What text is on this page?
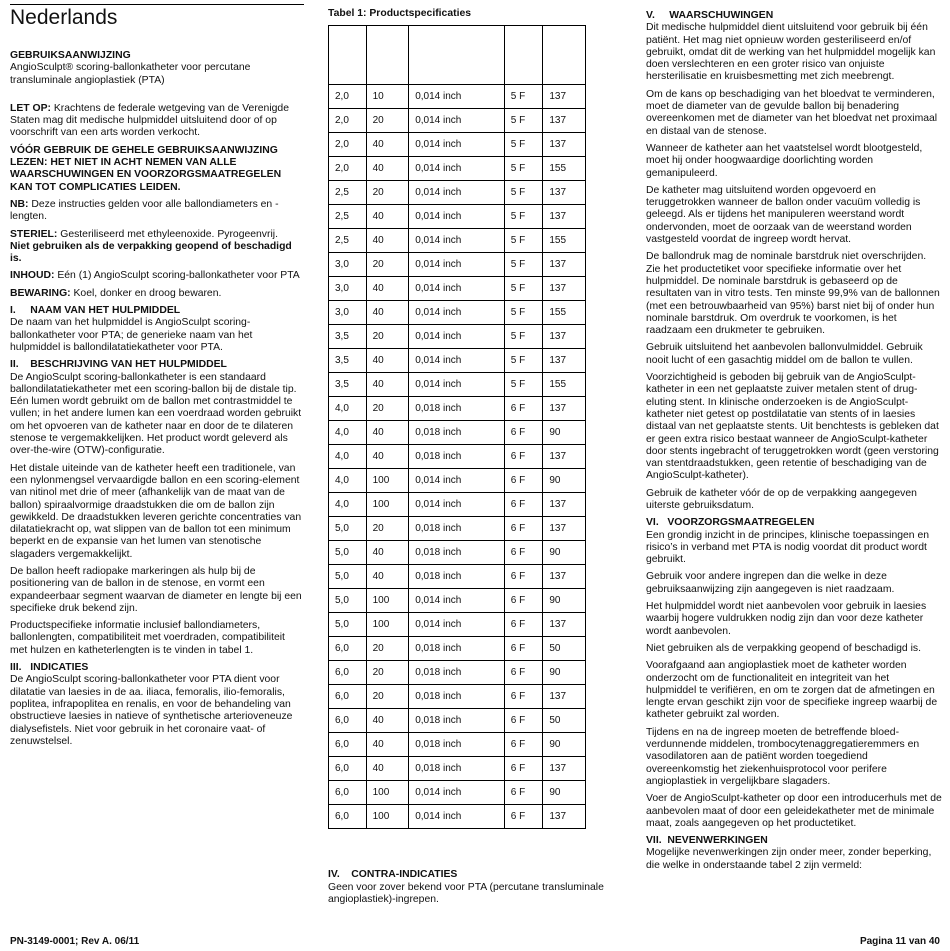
Nederlands
GEBRUIKSAANWIJZING

AngioSculpt® scoring-ballonkatheter voor percutane transluminale angioplastiek (PTA)

LET OP: Krachtens de federale wetgeving van de Verenigde Staten mag dit medische hulpmiddel uitsluitend door of op voorschrift van een arts worden verkocht.

VÓÓR GEBRUIK DE GEHELE GEBRUIKSAANWIJZING LEZEN: HET NIET IN ACHT NEMEN VAN ALLE WAARSCHUWINGEN EN VOORZORGSMAATREGELEN KAN TOT COMPLICATIES LEIDEN.

NB: Deze instructies gelden voor alle ballondiameters en -lengten.

STERIEL: Gesteriliseerd met ethyleenoxide. Pyrogeenvrij.
Niet gebruiken als de verpakking geopend of beschadigd is.

INHOUD: Eén (1) AngioSculpt scoring-ballonkatheter voor PTA

BEWARING: Koel, donker en droog bewaren.

I.     NAAM VAN HET HULPMIDDEL

De naam van het hulpmiddel is AngioSculpt scoring-ballonkatheter voor PTA; de generieke naam van het hulpmiddel is ballondilatatiekatheter voor PTA.

II.    BESCHRIJVING VAN HET HULPMIDDEL

De AngioSculpt scoring-ballonkatheter is een standaard ballondilatatiekatheter met een scoring-ballon bij de distale tip. Eén lumen wordt gebruikt om de ballon met contrastmiddel te vullen; in het andere lumen kan een voerdraad worden gebruikt om het opvoeren van de katheter naar en door de te dilateren stenose te vergemakkelijken. Het product wordt geleverd als over-the-wire (OTW)-configuratie.

Het distale uiteinde van de katheter heeft een traditionele, van een nylonmengsel vervaardigde ballon en een scoring-element van nitinol met drie of meer (afhankelijk van de maat van de ballon) spiraalvormige draadstukken die om de ballon zijn gewikkeld. De draadstukken leveren gerichte concentraties van dilatatiekracht op, wat slippen van de ballon tot een minimum beperkt en de expansie van het lumen van stenotische slagaders vergemakkelijkt.

De ballon heeft radiopake markeringen als hulp bij de positionering van de ballon in de stenose, en vormt een expandeerbaar segment waarvan de diameter en lengte bij een specifieke druk bekend zijn.

Productspecifieke informatie inclusief ballondiameters, ballonlengten, compatibiliteit met voerdraden, compatibiliteit met hulzen en katheterlengten is te vinden in tabel 1.

III.   INDICATIES

De AngioSculpt scoring-ballonkatheter voor PTA dient voor dilatatie van laesies in de aa. iliaca, femoralis, ilio-femoralis, poplitea, infrapoplitea en renalis, en voor de behandeling van obstructieve laesies in natieve of synthetische arterioveneuze dialysefistels. Niet voor gebruik in het coronaire vaat- of zenuwstelsel.

Tabel 1: Productspecificaties

2,0	10	0,014 inch	5 F	137
2,0	20	0,014 inch	5 F	137
2,0	40	0,014 inch	5 F	137
2,0	40	0,014 inch	5 F	155
2,5	20	0,014 inch	5 F	137
2,5	40	0,014 inch	5 F	137
2,5	40	0,014 inch	5 F	155
3,0	20	0,014 inch	5 F	137
3,0	40	0,014 inch	5 F	137
3,0	40	0,014 inch	5 F	155
3,5	20	0,014 inch	5 F	137
3,5	40	0,014 inch	5 F	137
3,5	40	0,014 inch	5 F	155
4,0	20	0,018 inch	6 F	137
4,0	40	0,018 inch	6 F	90
4,0	40	0,018 inch	6 F	137
4,0	100	0,014 inch	6 F	90
4,0	100	0,014 inch	6 F	137
5,0	20	0,018 inch	6 F	137
5,0	40	0,018 inch	6 F	90
5,0	40	0,018 inch	6 F	137
5,0	100	0,014 inch	6 F	90
5,0	100	0,014 inch	6 F	137
6,0	20	0,018 inch	6 F	50
6,0	20	0,018 inch	6 F	90
6,0	20	0,018 inch	6 F	137
6,0	40	0,018 inch	6 F	50
6,0	40	0,018 inch	6 F	90
6,0	40	0,018 inch	6 F	137
6,0	100	0,014 inch	6 F	90
6,0	100	0,014 inch	6 F	137
IV.    CONTRA-INDICATIES

Geen voor zover bekend voor PTA (percutane transluminale angioplastiek)-ingrepen.

V.     WAARSCHUWINGEN

Dit medische hulpmiddel dient uitsluitend voor gebruik bij één patiënt. Het mag niet opnieuw worden gesteriliseerd en/of gebruikt, omdat dit de werking van het hulpmiddel mogelijk kan doen verslechteren en een groter risico van onjuiste hersterilisatie en kruisbesmetting met zich meebrengt.

Om de kans op beschadiging van het bloedvat te verminderen, moet de diameter van de gevulde ballon bij benadering overeenkomen met de diameter van het bloedvat net proximaal en distaal van de stenose.

Wanneer de katheter aan het vaatstelsel wordt blootgesteld, moet hij onder hoogwaardige doorlichting worden gemanipuleerd.

De katheter mag uitsluitend worden opgevoerd en teruggetrokken wanneer de ballon onder vacuüm volledig is geleegd. Als er tijdens het manipuleren weerstand wordt ondervonden, moet de oorzaak van de weerstand worden vastgesteld voordat de ingreep wordt hervat.

De ballondruk mag de nominale barstdruk niet overschrijden. Zie het productetiket voor specifieke informatie over het hulpmiddel. De nominale barstdruk is gebaseerd op de resultaten van in vitro tests. Ten minste 99,9% van de ballonnen (met een betrouwbaarheid van 95%) barst niet bij of onder hun nominale barstdruk. Om overdruk te voorkomen, is het raadzaam een drukmeter te gebruiken.

Gebruik uitsluitend het aanbevolen ballonvulmiddel. Gebruik nooit lucht of een gasachtig middel om de ballon te vullen.

Voorzichtigheid is geboden bij gebruik van de AngioSculpt-katheter in een net geplaatste zuiver metalen stent of drug-eluting stent. In klinische onderzoeken is de AngioSculpt-katheter niet getest op postdilatatie van stents of in laesies distaal van net geplaatste stents. Uit benchtests is gebleken dat er geen extra risico bestaat wanneer de AngioSculpt-katheter door stents ingebracht of teruggetrokken wordt (geen verstoring van stentdraadstukken, geen retentie of beschadiging van de AngioSculpt-katheter).

Gebruik de katheter vóór de op de verpakking aangegeven uiterste gebruiksdatum.

VI.   VOORZORGSMAATREGELEN

Een grondig inzicht in de principes, klinische toepassingen en risico’s in verband met PTA is nodig voordat dit product wordt gebruikt.

Gebruik voor andere ingrepen dan die welke in deze gebruiksaanwijzing zijn aangegeven is niet raadzaam.

Het hulpmiddel wordt niet aanbevolen voor gebruik in laesies waarbij hogere vuldrukken nodig zijn dan voor deze katheter wordt aanbevolen.

Niet gebruiken als de verpakking geopend of beschadigd is.

Voorafgaand aan angioplastiek moet de katheter worden onderzocht om de functionaliteit en integriteit van het hulpmiddel te verifiëren, en om te zorgen dat de afmetingen en lengte ervan geschikt zijn voor de specifieke ingreep waarbij de katheter gebruikt zal worden.

Tijdens en na de ingreep moeten de betreffende bloed-verdunnende middelen, trombocytenaggregatieremmers en vasodilatoren aan de patiënt worden toegediend overeenkomstig het ziekenhuisprotocol voor perifere angioplastiek in vergelijkbare slagaders.

Voer de AngioSculpt-katheter op door een introducerhuls met de aanbevolen maat of door een geleidekatheter met de minimale maat, zoals aangegeven op het productetiket.

VII.  NEVENWERKINGEN

Mogelijke nevenwerkingen zijn onder meer, zonder beperking, die welke in onderstaande tabel 2 zijn vermeld:

PN-3149-0001; Rev A. 06/11	Pagina 11 van 40
